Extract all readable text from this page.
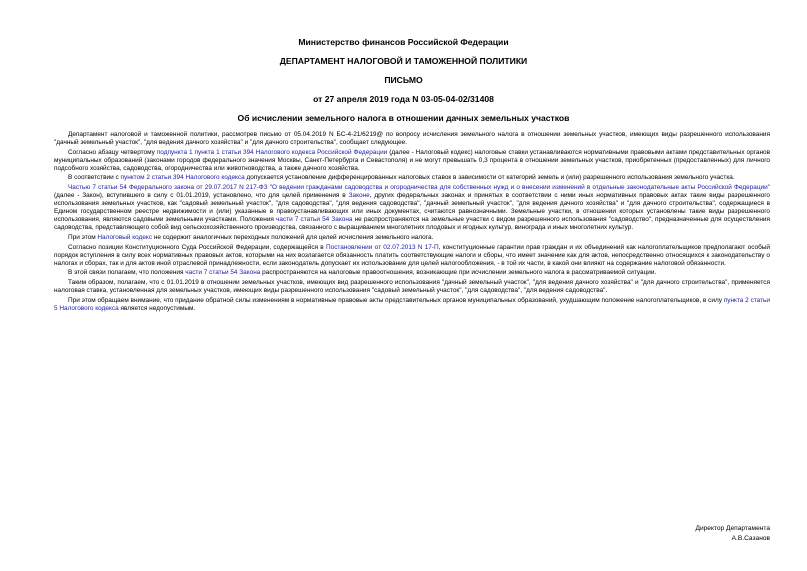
Министерство финансов Российской Федерации
ДЕПАРТАМЕНТ НАЛОГОВОЙ И ТАМОЖЕННОЙ ПОЛИТИКИ
ПИСЬМО
от 27 апреля 2019 года N 03-05-04-02/31408
Об исчислении земельного налога в отношении дачных земельных участков

Департамент налоговой и таможенной политики, рассмотрев письмо от 05.04.2019 N БС-4-21/6219@ по вопросу исчисления земельного налога в отношении земельных участков, имеющих виды разрешенного использования "дачный земельный участок", "для ведения дачного хозяйства" и "для дачного строительства", сообщает следующее.

Согласно абзацу четвертому подпункта 1 пункта 1 статьи 394 Налогового кодекса Российской Федерации (далее - Налоговый кодекс) налоговые ставки устанавливаются нормативными правовыми актами представительных органов муниципальных образований (законами городов федерального значения Москвы, Санкт-Петербурга и Севастополя) и не могут превышать 0,3 процента в отношении земельных участков, приобретенных (предоставленных) для личного подсобного хозяйства, садоводства, огородничества или животноводства, а также дачного хозяйства.

В соответствии с пунктом 2 статьи 394 Налогового кодекса допускается установление дифференцированных налоговых ставок в зависимости от категорий земель и (или) разрешенного использования земельного участка.

Частью 7 статьи 54 Федерального закона от 29.07.2017 N 217-ФЗ "О ведении гражданами садоводства и огородничества для собственных нужд и о внесении изменений в отдельные законодательные акты Российской Федерации" (далее - Закон), вступившего в силу с 01.01.2019, установлено, что для целей применения в Законе, других федеральных законах и принятых в соответствии с ними иных нормативных правовых актах такие виды разрешенного использования земельных участков, как "садовый земельный участок", "для садоводства", "для ведения садоводства", "дачный земельный участок", "для ведения дачного хозяйства" и "для дачного строительства", содержащиеся в Едином государственном реестре недвижимости и (или) указанные в правоустанавливающих или иных документах, считаются равнозначными. Земельные участки, в отношении которых установлены такие виды разрешенного использования, являются садовыми земельными участками. Положения части 7 статьи 54 Закона не распространяются на земельные участки с видом разрешенного использования "садоводство", предназначенные для осуществления садоводства, представляющего собой вид сельскохозяйственного производства, связанного с выращиванием многолетних плодовых и ягодных культур, винограда и иных многолетних культур.

При этом Налоговый кодекс не содержит аналогичных переходных положений для целей исчисления земельного налога.

Согласно позиции Конституционного Суда Российской Федерации, содержащейся в Постановлении от 02.07.2013 N 17-П, конституционные гарантии прав граждан и их объединений как налогоплательщиков предполагают особый порядок вступления в силу всех нормативных правовых актов, которыми на них возлагается обязанность платить соответствующие налоги и сборы, что имеет значение как для актов, непосредственно относящихся к законодательству о налогах и сборах, так и для актов иной отраслевой принадлежности, если законодатель допускает их использование для целей налогообложения, - в той их части, в какой они влияют на содержание налоговой обязанности.

В этой связи полагаем, что положения части 7 статьи 54 Закона распространяются на налоговые правоотношения, возникающие при исчислении земельного налога в рассматриваемой ситуации.

Таким образом, полагаем, что с 01.01.2019 в отношении земельных участков, имеющих вид разрешенного использования "дачный земельный участок", "для ведения дачного хозяйства" и "для дачного строительства", применяется налоговая ставка, установленная для земельных участков, имеющих виды разрешенного использования "садовый земельный участок", "для садоводства", "для ведения садоводства".

При этом обращаем внимание, что придание обратной силы изменениям в нормативные правовые акты представительных органов муниципальных образований, ухудшающим положение налогоплательщиков, в силу пункта 2 статьи 5 Налогового кодекса является недопустимым.

Директор Департамента
А.В.Сазанов
